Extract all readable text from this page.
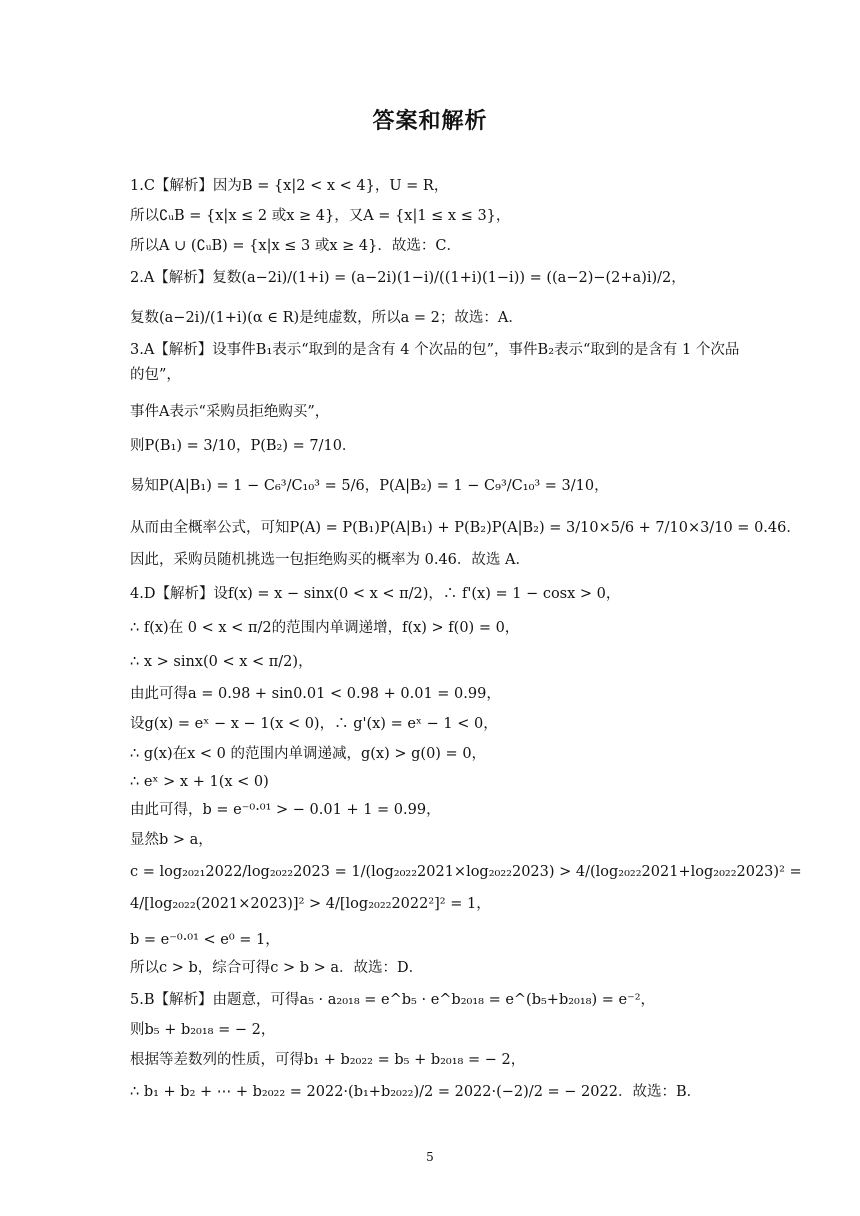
答案和解析
1.C【解析】因为B = {x|2 < x < 4}，U = R，
所以∁ᵤB = {x|x ≤ 2 或x ≥ 4}，又A = {x|1 ≤ x ≤ 3}，
所以A ∪ (∁ᵤB) = {x|x ≤ 3 或x ≥ 4}．故选：C．
2.A【解析】复数(a−2i)/(1+i) = (a−2i)(1−i)/((1+i)(1−i)) = ((a−2)−(2+a)i)/2，
复数(a−2i)/(1+i)(α ∈ R)是纯虚数，所以a = 2；故选：A．
3.A【解析】设事件B₁表示“取到的是含有 4 个次品的包”，事件B₂表示“取到的是含有 1 个次品的包”，
事件A表示“采购员拒绝购买”，
则P(B₁) = 3/10，P(B₂) = 7/10．
易知P(A|B₁) = 1 − C₆³/C₁₀³ = 5/6，P(A|B₂) = 1 − C₉³/C₁₀³ = 3/10，
从而由全概率公式，可知P(A) = P(B₁)P(A|B₁) + P(B₂)P(A|B₂) = 3/10×5/6 + 7/10×3/10 = 0.46．
因此，采购员随机挑选一包拒绝购买的概率为 0.46．故选 A．
4.D【解析】设f(x) = x − sinx(0 < x < π/2)，∴ f'(x) = 1 − cosx > 0，
∴ f(x)在 0 < x < π/2的范围内单调递增，f(x) > f(0) = 0，
∴ x > sinx(0 < x < π/2)，
由此可得a = 0.98 + sin0.01 < 0.98 + 0.01 = 0.99，
设g(x) = eˣ − x − 1(x < 0)，∴ g'(x) = eˣ − 1 < 0，
∴ g(x)在x < 0 的范围内单调递减，g(x) > g(0) = 0，
∴ eˣ > x + 1(x < 0)
由此可得，b = e⁻⁰·⁰¹ > − 0.01 + 1 = 0.99，
显然b > a，
c = log₂₀₂₁2022/log₂₀₂₂2023 = 1/(log₂₀₂₂2021×log₂₀₂₂2023) > 4/(log₂₀₂₂2021+log₂₀₂₂2023)² =
4/[log₂₀₂₂(2021×2023)]² > 4/[log₂₀₂₂2022²]² = 1，
b = e⁻⁰·⁰¹ < e⁰ = 1，
所以c > b，综合可得c > b > a．故选：D．
5.B【解析】由题意，可得a₅ · a₂₀₁₈ = e^b₅ · e^b₂₀₁₈ = e^(b₅+b₂₀₁₈) = e⁻²，
则b₅ + b₂₀₁₈ = − 2，
根据等差数列的性质，可得b₁ + b₂₀₂₂ = b₅ + b₂₀₁₈ = − 2，
∴ b₁ + b₂ + ⋯ + b₂₀₂₂ = 2022·(b₁+b₂₀₂₂)/2 = 2022·(−2)/2 = − 2022．故选：B．
5
